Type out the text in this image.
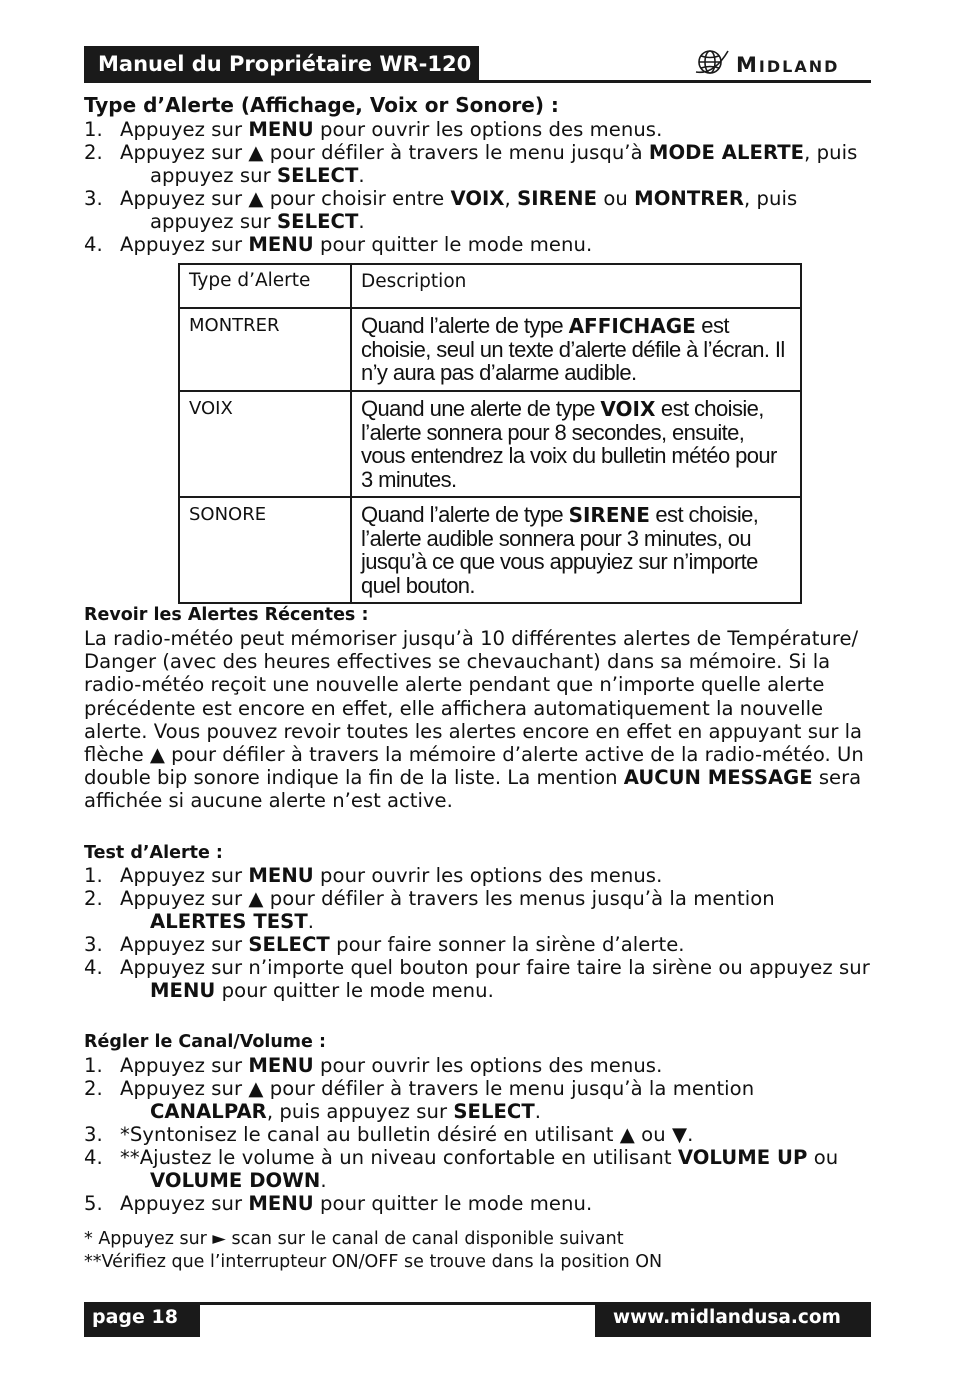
Manuel du Propriétaire WR-120	MIDLAND
Type d’Alerte (Affichage, Voix or Sonore) :
1. Appuyez sur MENU pour ouvrir les options des menus.
2. Appuyez sur ▲ pour défiler à travers le menu jusqu’à MODE ALERTE, puis
appuyez sur SELECT.
3. Appuyez sur ▲ pour choisir entre VOIX, SIRENE ou MONTRER, puis
appuyez sur SELECT.
4. Appuyez sur MENU pour quitter le mode menu.
Type d’Alerte	Description
MONTRER	Quand l’alerte de type AFFICHAGE est choisie, seul un texte d’alerte défile à l’écran. Il n’y aura pas d’alarme audible.
VOIX	Quand une alerte de type VOIX est choisie, l’alerte sonnera pour 8 secondes, ensuite, vous entendrez la voix du bulletin météo pour 3 minutes.
SONORE	Quand l’alerte de type SIRENE est choisie, l’alerte audible sonnera pour 3 minutes, ou jusqu’à ce que vous appuyiez sur n’importe quel bouton.
Revoir les Alertes Récentes :

La radio-météo peut mémoriser jusqu’à 10 différentes alertes de Température/ Danger (avec des heures effectives se chevauchant) dans sa mémoire. Si la radio-météo reçoit une nouvelle alerte pendant que n’importe quelle alerte précédente est encore en effet, elle affichera automatiquement la nouvelle alerte. Vous pouvez revoir toutes les alertes encore en effet en appuyant sur la flèche ▲ pour défiler à travers la mémoire d’alerte active de la radio-météo. Un double bip sonore indique la fin de la liste. La mention AUCUN MESSAGE sera affichée si aucune alerte n’est active.

Test d’Alerte :
1. Appuyez sur MENU pour ouvrir les options des menus.
2. Appuyez sur ▲ pour défiler à travers les menus jusqu’à la mention
ALERTES TEST.
3. Appuyez sur SELECT pour faire sonner la sirène d’alerte.
4. Appuyez sur n’importe quel bouton pour faire taire la sirène ou appuyez sur
MENU pour quitter le mode menu.
Régler le Canal/Volume :
1. Appuyez sur MENU pour ouvrir les options des menus.
2. Appuyez sur ▲ pour défiler à travers le menu jusqu’à la mention
CANALPAR, puis appuyez sur SELECT.
3. *Syntonisez le canal au bulletin désiré en utilisant ▲ ou ▼.
4. **Ajustez le volume à un niveau confortable en utilisant VOLUME UP ou
VOLUME DOWN.
5. Appuyez sur MENU pour quitter le mode menu.
* Appuyez sur ► scan sur le canal de canal disponible suivant
**Vérifiez que l’interrupteur ON/OFF se trouve dans la position ON
page 18	www.midlandusa.com
